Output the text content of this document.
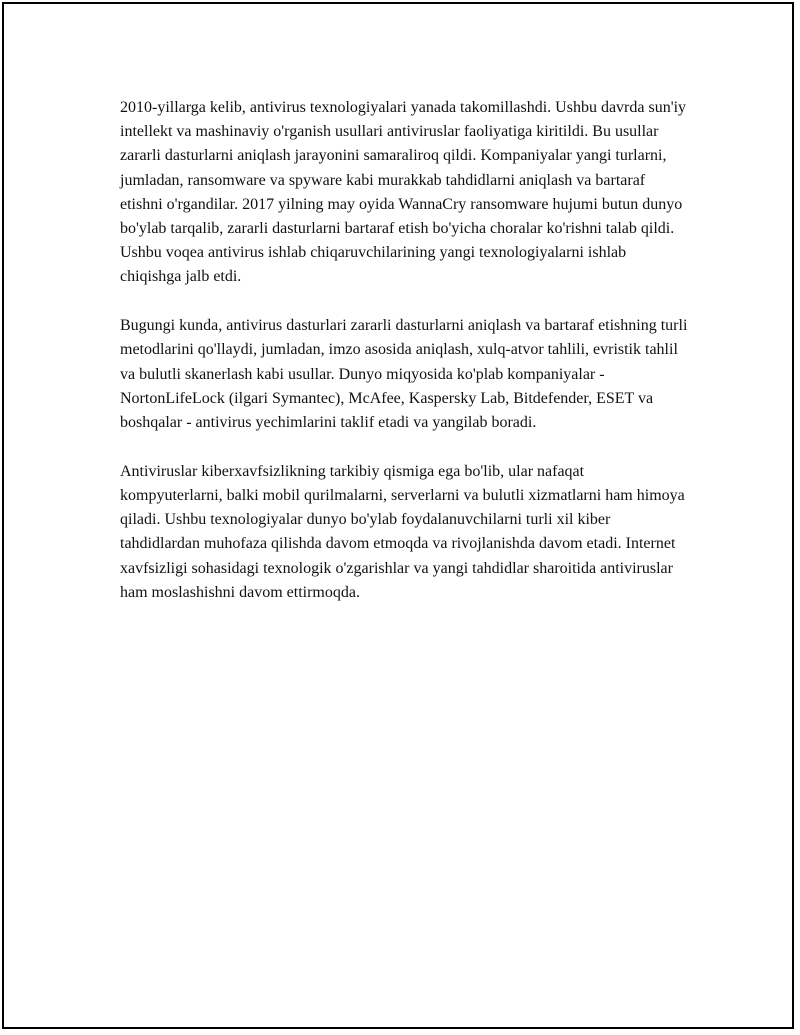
2010-yillarga kelib, antivirus texnologiyalari yanada takomillashdi. Ushbu davrda sun'iy intellekt va mashinaviy o'rganish usullari antiviruslar faoliyatiga kiritildi. Bu usullar zararli dasturlarni aniqlash jarayonini samaraliroq qildi. Kompaniyalar yangi turlarni, jumladan, ransomware va spyware kabi murakkab tahdidlarni aniqlash va bartaraf etishni o'rgandilar. 2017 yilning may oyida WannaCry ransomware hujumi butun dunyo bo'ylab tarqalib, zararli dasturlarni bartaraf etish bo'yicha choralar ko'rishni talab qildi. Ushbu voqea antivirus ishlab chiqaruvchilarining yangi texnologiyalarni ishlab chiqishga jalb etdi.

Bugungi kunda, antivirus dasturlari zararli dasturlarni aniqlash va bartaraf etishning turli metodlarini qo'llaydi, jumladan, imzo asosida aniqlash, xulq-atvor tahlili, evristik tahlil va bulutli skanerlash kabi usullar. Dunyo miqyosida ko'plab kompaniyalar - NortonLifeLock (ilgari Symantec), McAfee, Kaspersky Lab, Bitdefender, ESET va boshqalar - antivirus yechimlarini taklif etadi va yangilab boradi.

Antiviruslar kiberxavfsizlikning tarkibiy qismiga ega bo'lib, ular nafaqat kompyuterlarni, balki mobil qurilmalarni, serverlarni va bulutli xizmatlarni ham himoya qiladi. Ushbu texnologiyalar dunyo bo'ylab foydalanuvchilarni turli xil kiber tahdidlardan muhofaza qilishda davom etmoqda va rivojlanishda davom etadi. Internet xavfsizligi sohasidagi texnologik o'zgarishlar va yangi tahdidlar sharoitida antiviruslar ham moslashishni davom ettirmoqda.
